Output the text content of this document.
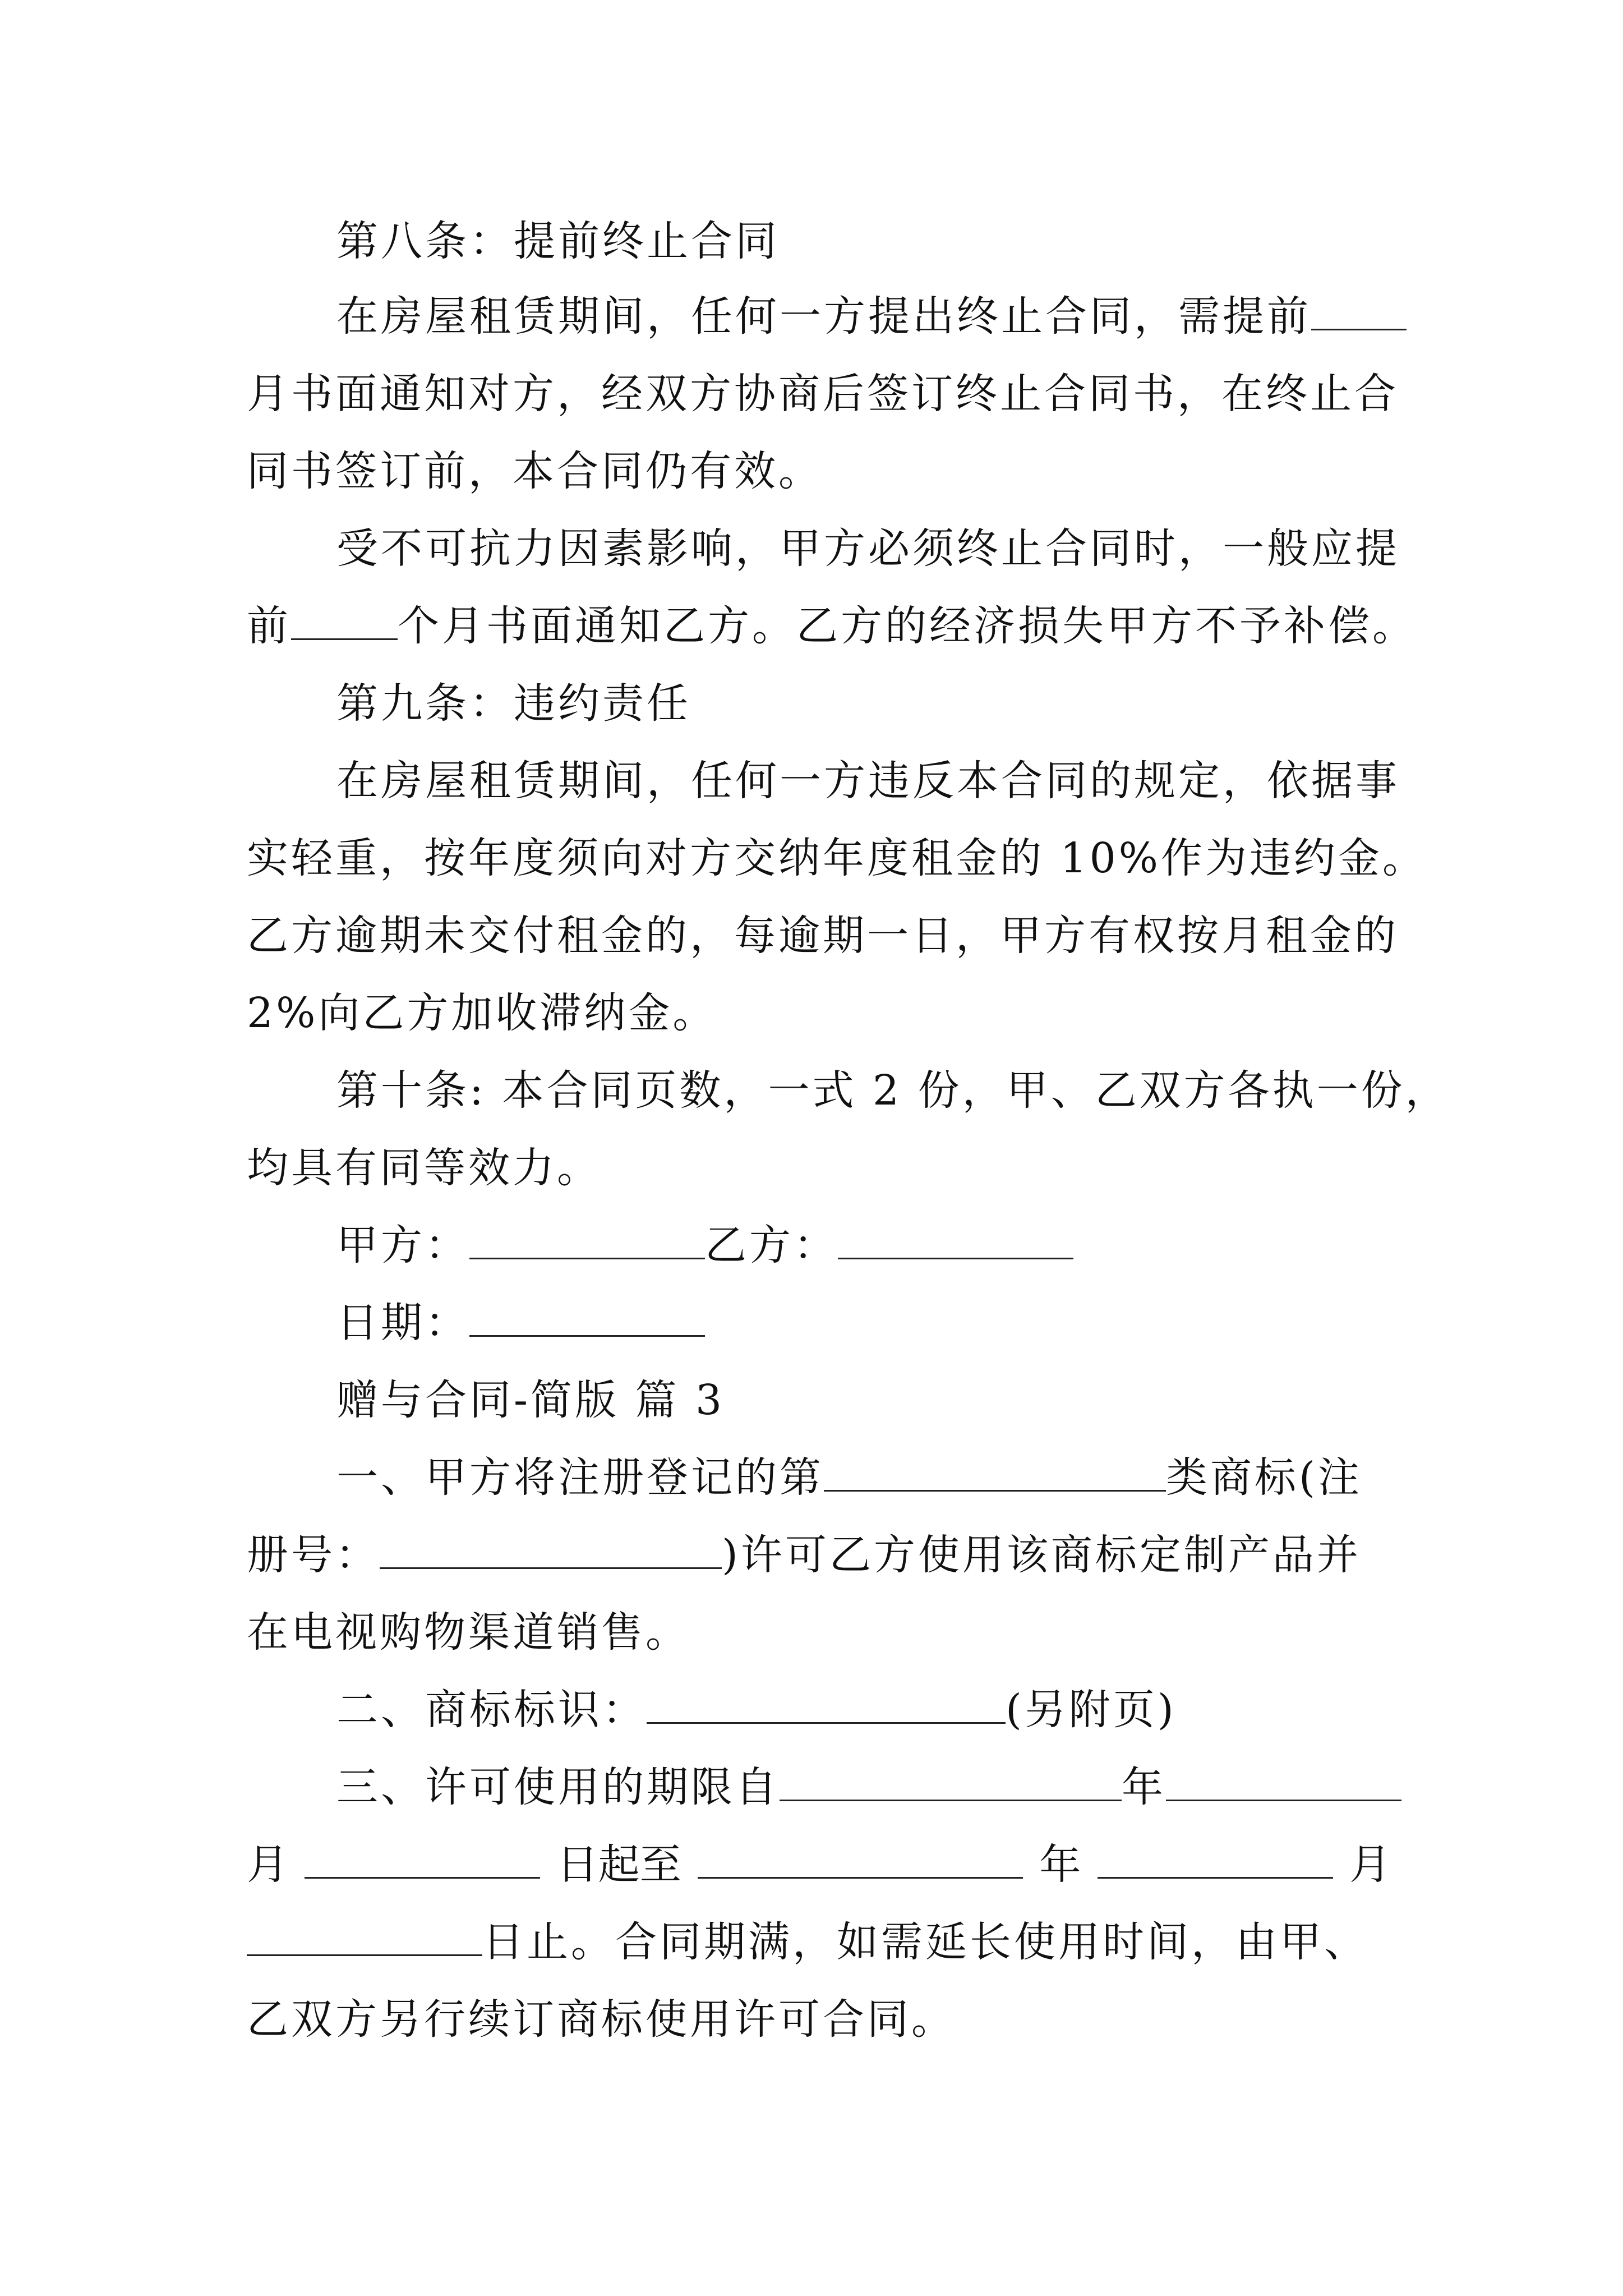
第八条：提前终止合同
在房屋租赁期间，任何一方提出终止合同，需提前
月书面通知对方，经双方协商后签订终止合同书，在终止合
同书签订前，本合同仍有效。
受不可抗力因素影响，甲方必须终止合同时，一般应提
前	个月书面通知乙方。乙方的经济损失甲方不予补偿。
第九条：违约责任
在房屋租赁期间，任何一方违反本合同的规定，依据事
实轻重，按年度须向对方交纳年度租金的 10%作为违约金。
乙方逾期未交付租金的，每逾期一日，甲方有权按月租金的
2%向乙方加收滞纳金。
第十条: 本合同页数，一式 2 份，甲、乙双方各执一份，
均具有同等效力。
甲方：	乙方：
日期：
赠与合同-简版 篇 3
一、甲方将注册登记的第	类商标(注
册号：	)许可乙方使用该商标定制产品并
在电视购物渠道销售。
二、商标标识：	(另附页)
三、许可使用的期限自	年
月	日起至	年	月
日止。合同期满，如需延长使用时间，由甲、
乙双方另行续订商标使用许可合同。
